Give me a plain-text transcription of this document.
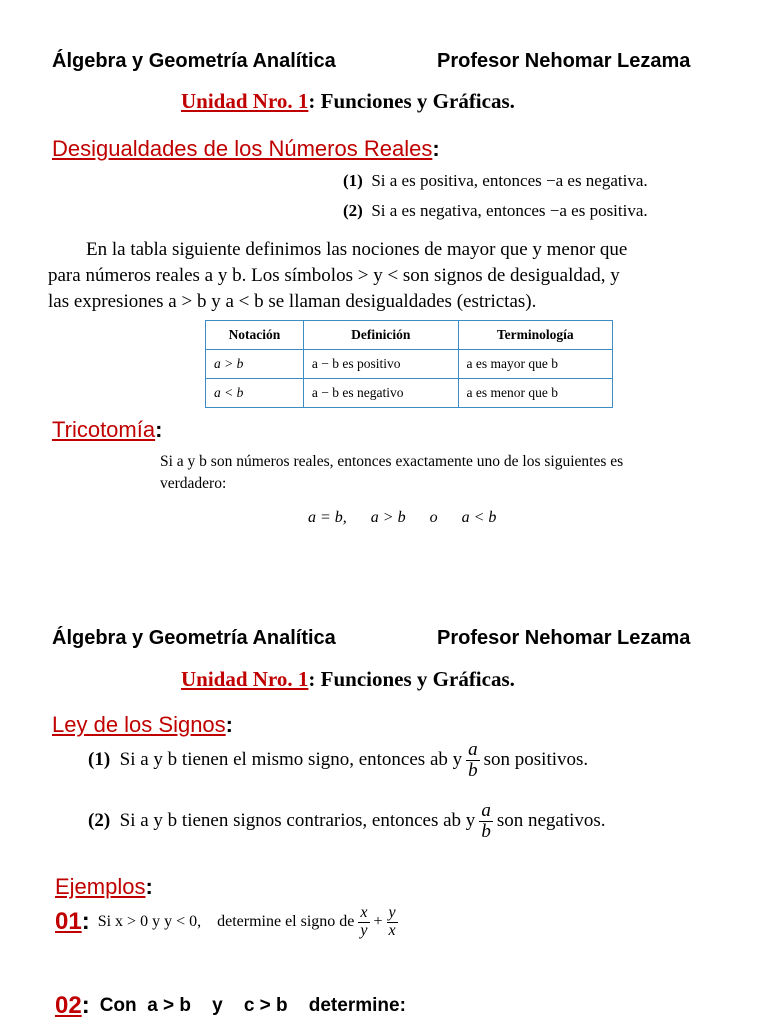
Álgebra y Geometría Analítica	Profesor Nehomar Lezama
Unidad Nro. 1: Funciones y Gráficas.
Desigualdades de los Números Reales:
(1) Si a es positiva, entonces −a es negativa.
(2) Si a es negativa, entonces −a es positiva.
En la tabla siguiente definimos las nociones de mayor que y menor que
para números reales a y b. Los símbolos > y < son signos de desigualdad, y
las expresiones a > b y a < b se llaman desigualdades (estrictas).
Notación	Definición	Terminología
a > b	a − b es positivo	a es mayor que b
a < b	a − b es negativo	a es menor que b
Tricotomía:
Si a y b son números reales, entonces exactamente uno de los siguientes es
verdadero:
a = b,      a > b      o      a < b
Álgebra y Geometría Analítica	Profesor Nehomar Lezama
Unidad Nro. 1: Funciones y Gráficas.
Ley de los Signos:
(1)
Si a y b tienen el mismo signo, entonces ab y $\frac{a}{b}$ son positivos.
(2)
Si a y b tienen signos contrarios, entonces ab y $\frac{a}{b}$ son negativos.
Ejemplos:
01 : Si x > 0 y y < 0,    determine el signo de $\frac{x}{y} + \frac{y}{x}$
02 : Con  a > b    y    c > b    determine:
